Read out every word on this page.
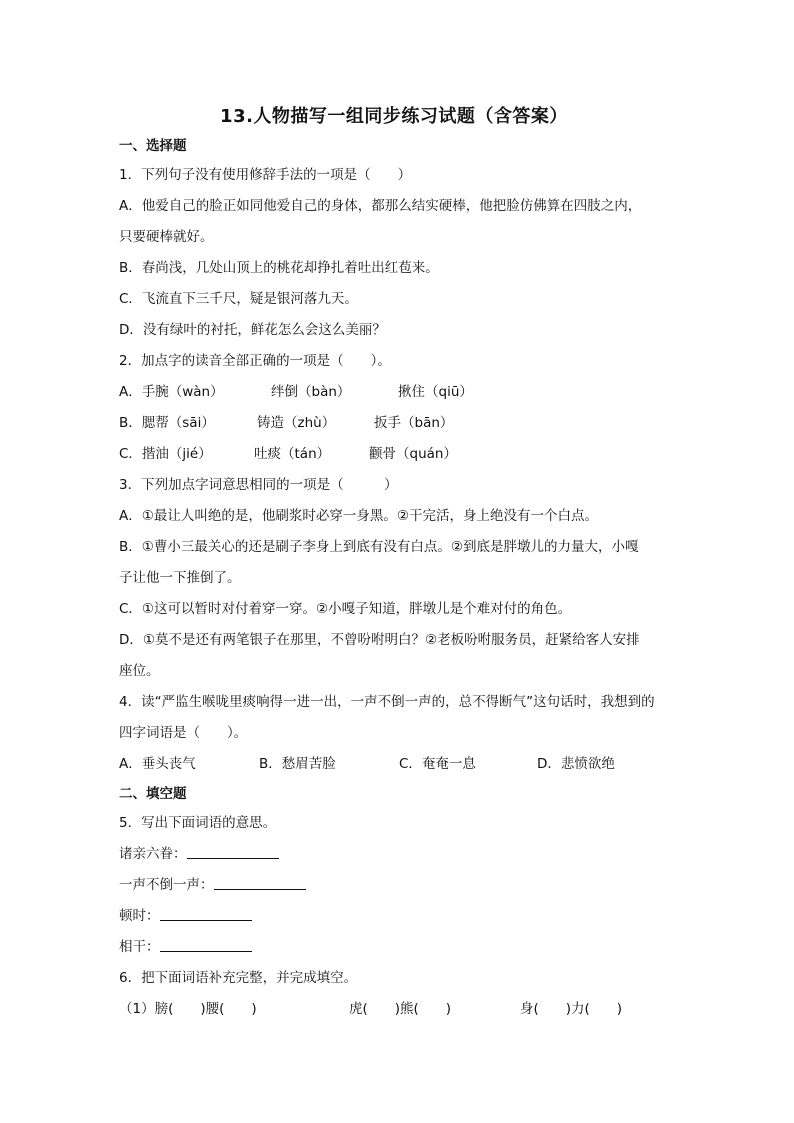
13.人物描写一组同步练习试题（含答案）
一、选择题
1．下列句子没有使用修辞手法的一项是（　　）
A．他爱自己的脸正如同他爱自己的身体，都那么结实硬棒，他把脸仿佛算在四肢之内，
只要硬棒就好。
B．春尚浅，几处山顶上的桃花却挣扎着吐出红苞来。
C．飞流直下三千尺，疑是银河落九天。
D．没有绿叶的衬托，鲜花怎么会这么美丽？
2．加点字的读音全部正确的一项是（　　）。
A．手腕（wàn）	绊倒（bàn）	揪住（qiū）
B．腮帮（sāi）	铸造（zhù）	扳手（bān）
C．揩油（jié）	吐痰（tán）	颧骨（quán）
3．下列加点字词意思相同的一项是（　　　）
A．①最让人叫绝的是，他刷浆时必穿一身黑。②干完活，身上绝没有一个白点。
B．①曹小三最关心的还是刷子李身上到底有没有白点。②到底是胖墩儿的力量大，小嘎
子让他一下推倒了。
C．①这可以暂时对付着穿一穿。②小嘎子知道，胖墩儿是个难对付的角色。
D．①莫不是还有两笔银子在那里，不曾吩咐明白？②老板吩咐服务员，赶紧给客人安排
座位。
4．读“严监生喉咙里痰响得一进一出，一声不倒一声的，总不得断气”这句话时，我想到的
四字词语是（　　）。
A．垂头丧气	B．愁眉苦脸	C．奄奄一息	D．悲愤欲绝
二、填空题
5．写出下面词语的意思。
诸亲六眷：
一声不倒一声：
顿时：
相干：
6．把下面词语补充完整，并完成填空。
（1）膀(　　)腰(　　)	虎(　　)熊(　　)	身(　　)力(　　)
